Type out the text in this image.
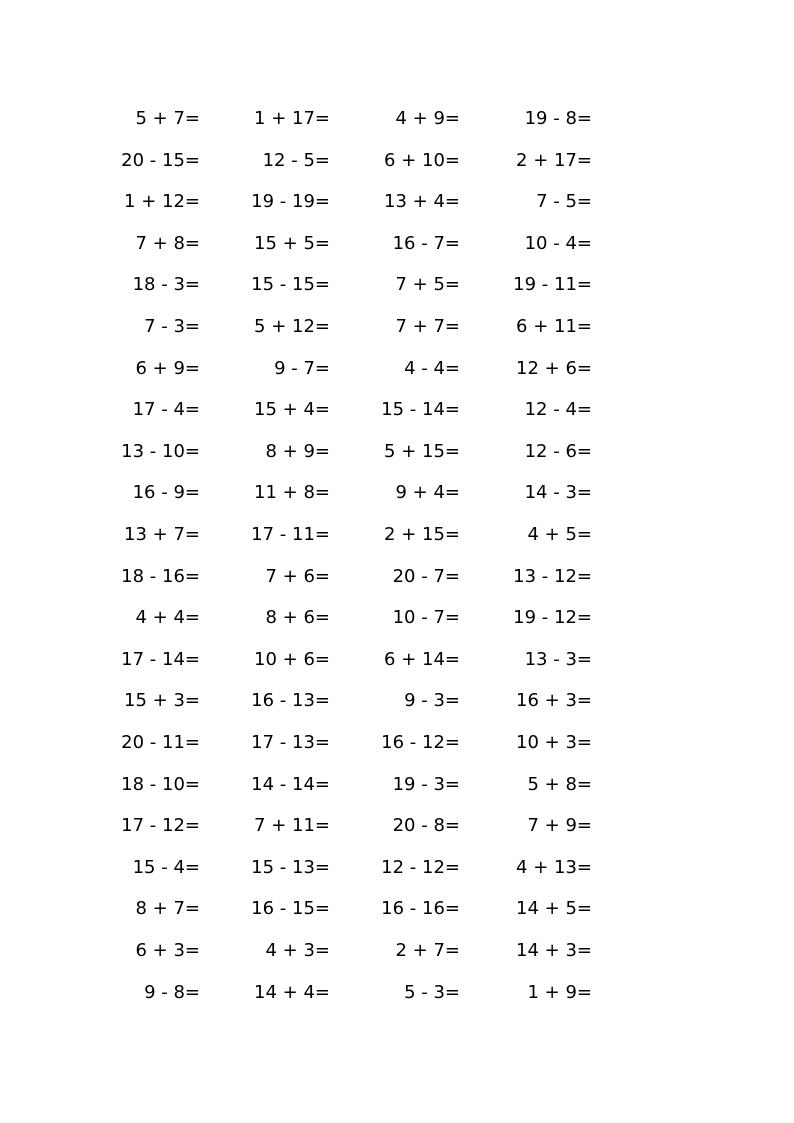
5 + 7=	1 + 17=	4 + 9=	19 - 8=
20 - 15=	12 - 5=	6 + 10=	2 + 17=
1 + 12=	19 - 19=	13 + 4=	7 - 5=
7 + 8=	15 + 5=	16 - 7=	10 - 4=
18 - 3=	15 - 15=	7 + 5=	19 - 11=
7 - 3=	5 + 12=	7 + 7=	6 + 11=
6 + 9=	9 - 7=	4 - 4=	12 + 6=
17 - 4=	15 + 4=	15 - 14=	12 - 4=
13 - 10=	8 + 9=	5 + 15=	12 - 6=
16 - 9=	11 + 8=	9 + 4=	14 - 3=
13 + 7=	17 - 11=	2 + 15=	4 + 5=
18 - 16=	7 + 6=	20 - 7=	13 - 12=
4 + 4=	8 + 6=	10 - 7=	19 - 12=
17 - 14=	10 + 6=	6 + 14=	13 - 3=
15 + 3=	16 - 13=	9 - 3=	16 + 3=
20 - 11=	17 - 13=	16 - 12=	10 + 3=
18 - 10=	14 - 14=	19 - 3=	5 + 8=
17 - 12=	7 + 11=	20 - 8=	7 + 9=
15 - 4=	15 - 13=	12 - 12=	4 + 13=
8 + 7=	16 - 15=	16 - 16=	14 + 5=
6 + 3=	4 + 3=	2 + 7=	14 + 3=
9 - 8=	14 + 4=	5 - 3=	1 + 9=
